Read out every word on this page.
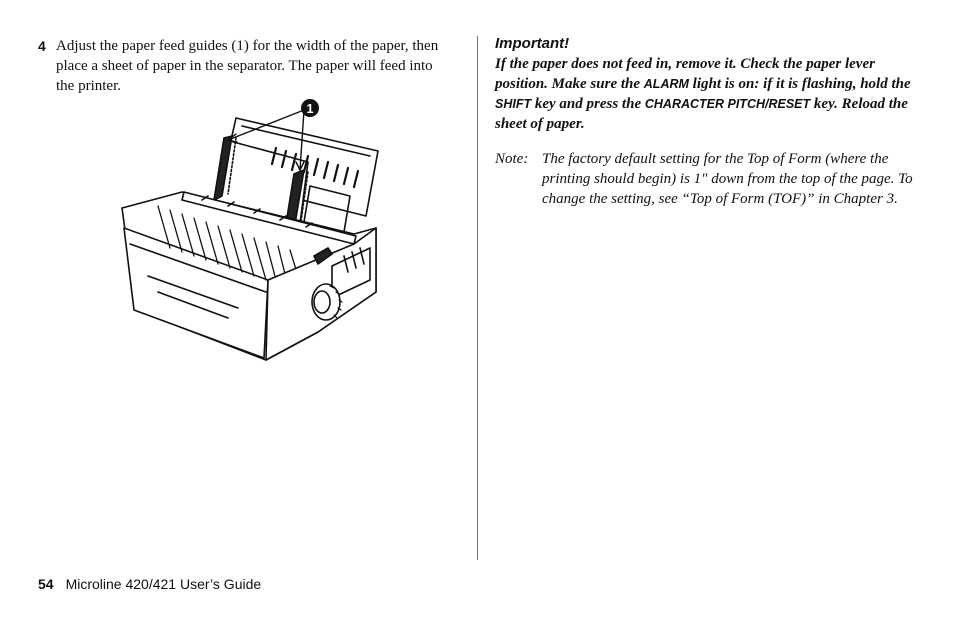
4 Adjust the paper feed guides (1) for the width of the paper, then place a sheet of paper in the separator. The paper will feed into the printer.
1
Important!
If the paper does not feed in, remove it. Check the paper lever position. Make sure the ALARM light is on: if it is flashing, hold the SHIFT key and press the CHARACTER PITCH/RESET key. Reload the sheet of paper.
Note: The factory default setting for the Top of Form (where the printing should begin) is 1" down from the top of the page. To change the setting, see “Top of Form (TOF)” in Chapter 3.
54 Microline 420/421 User’s Guide
